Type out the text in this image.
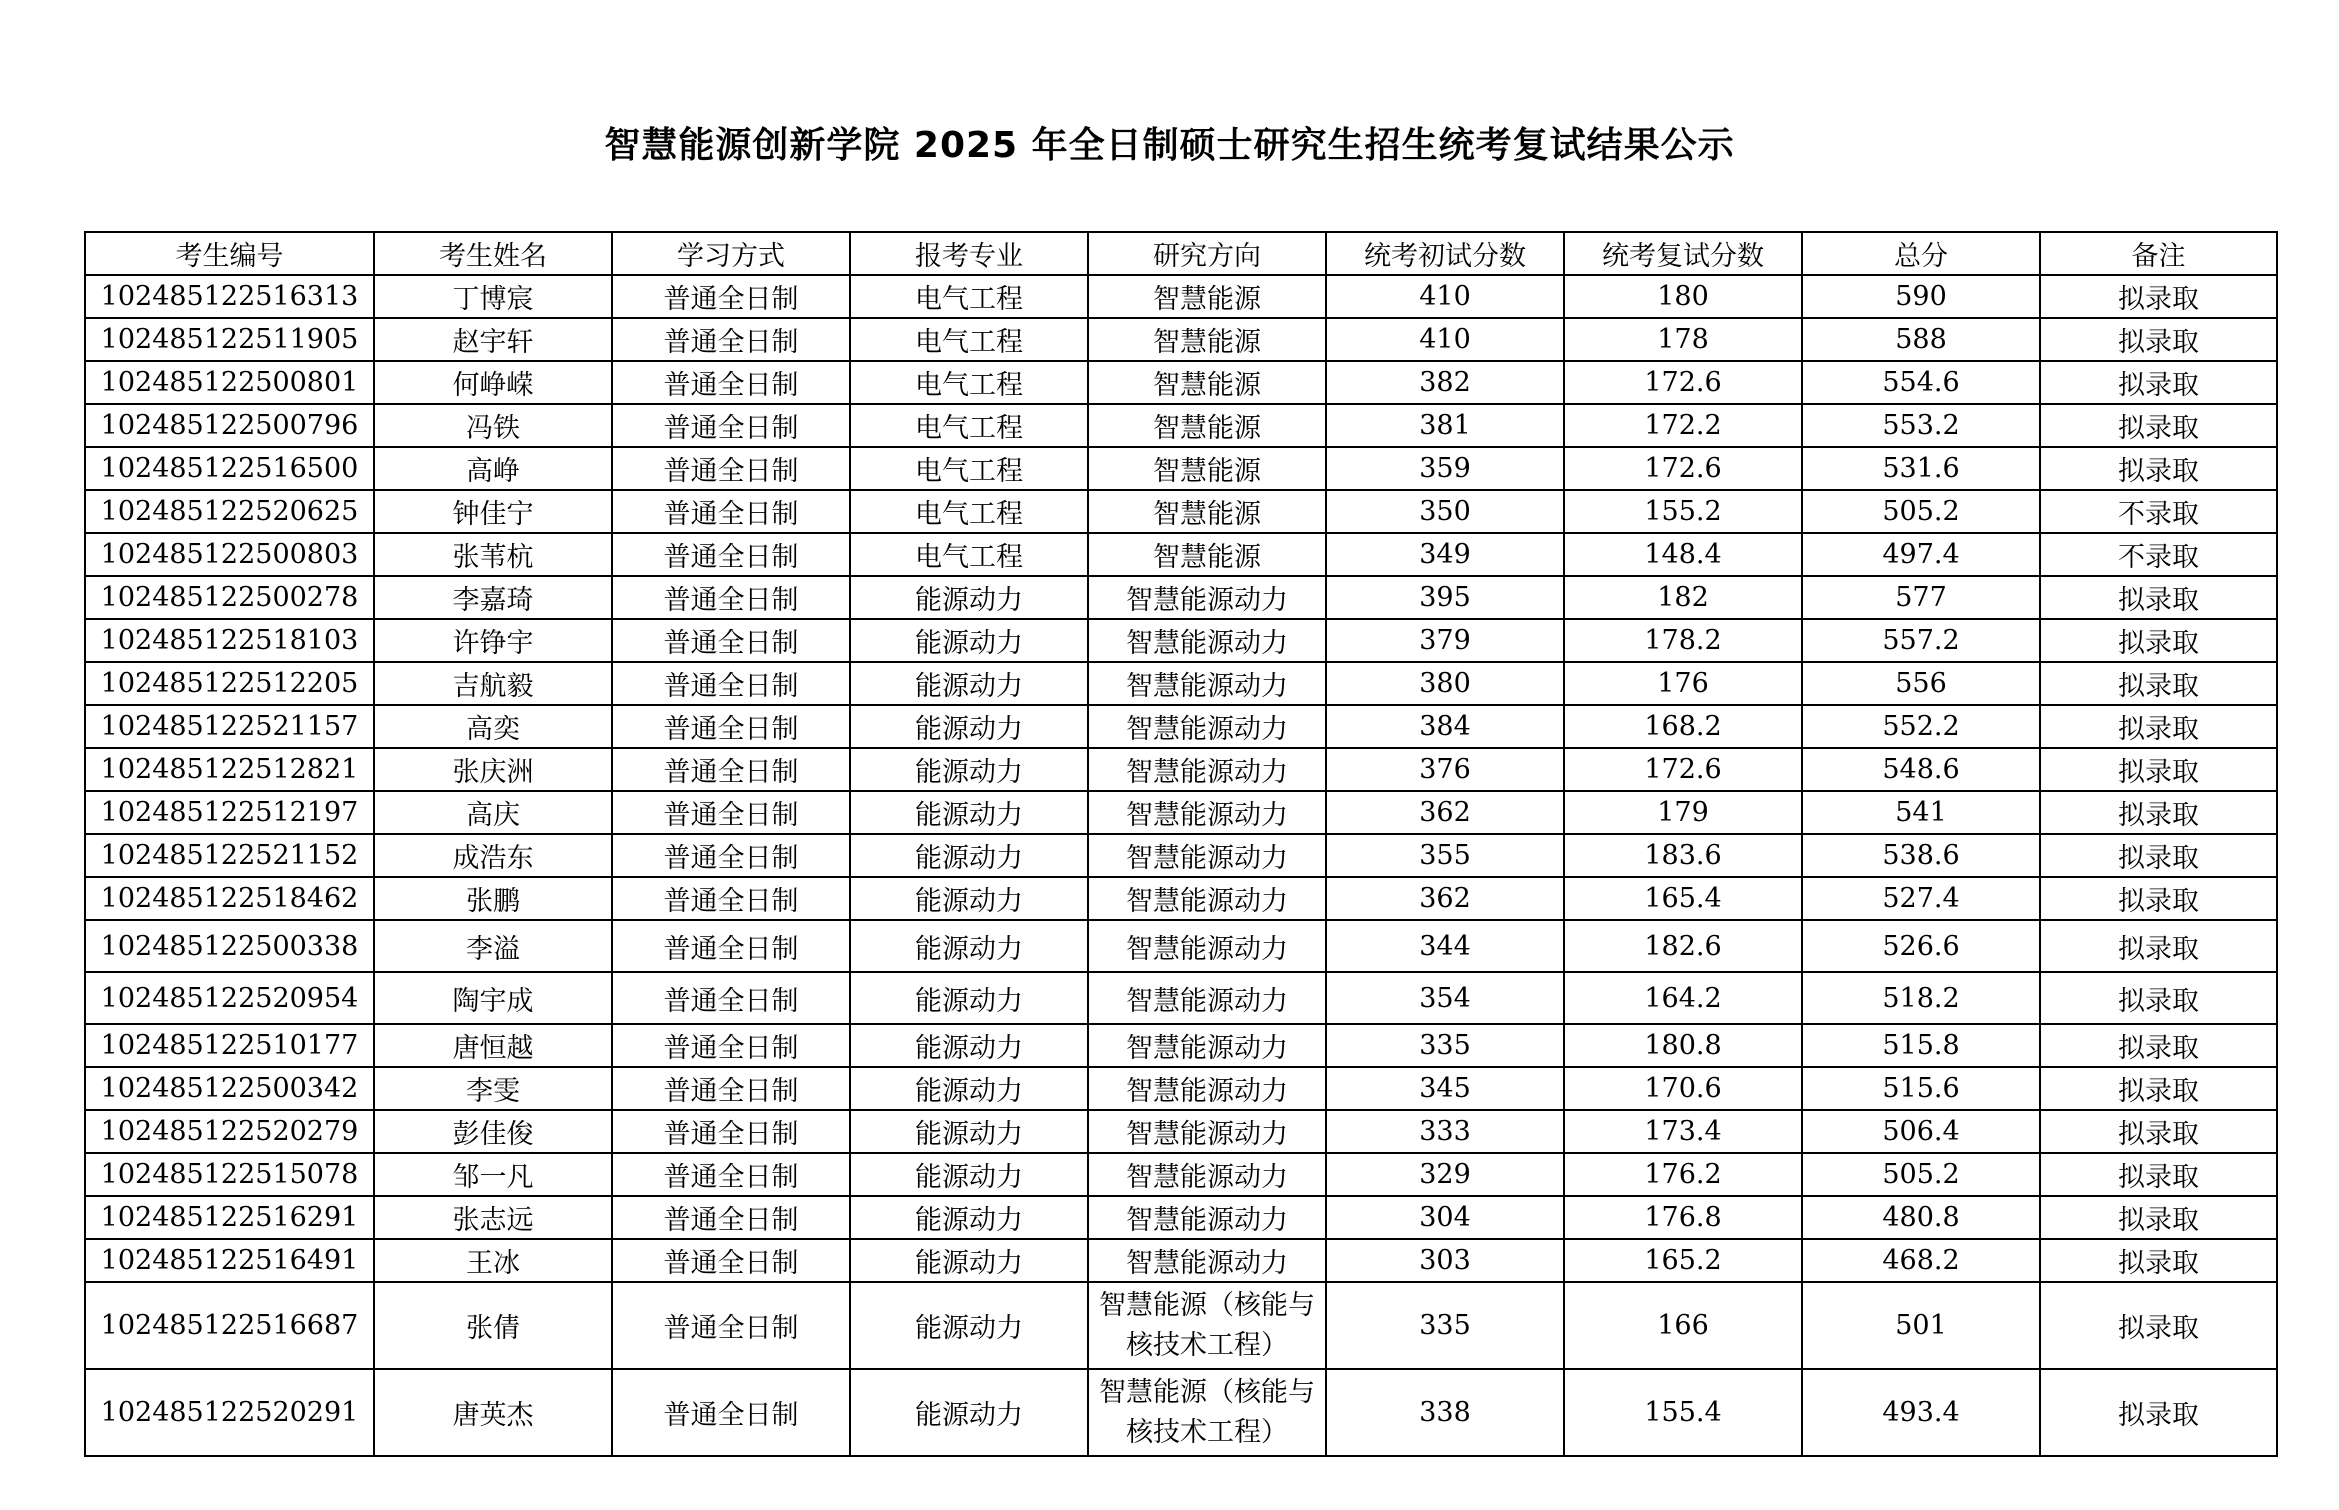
智慧能源创新学院 2025 年全日制硕士研究生招生统考复试结果公示
考生编号	考生姓名	学习方式	报考专业	研究方向	统考初试分数	统考复试分数	总分	备注
102485122516313	丁博宸	普通全日制	电气工程	智慧能源	410	180	590	拟录取
102485122511905	赵宇轩	普通全日制	电气工程	智慧能源	410	178	588	拟录取
102485122500801	何峥嵘	普通全日制	电气工程	智慧能源	382	172.6	554.6	拟录取
102485122500796	冯铁	普通全日制	电气工程	智慧能源	381	172.2	553.2	拟录取
102485122516500	高峥	普通全日制	电气工程	智慧能源	359	172.6	531.6	拟录取
102485122520625	钟佳宁	普通全日制	电气工程	智慧能源	350	155.2	505.2	不录取
102485122500803	张苇杭	普通全日制	电气工程	智慧能源	349	148.4	497.4	不录取
102485122500278	李嘉琦	普通全日制	能源动力	智慧能源动力	395	182	577	拟录取
102485122518103	许铮宇	普通全日制	能源动力	智慧能源动力	379	178.2	557.2	拟录取
102485122512205	吉航毅	普通全日制	能源动力	智慧能源动力	380	176	556	拟录取
102485122521157	高奕	普通全日制	能源动力	智慧能源动力	384	168.2	552.2	拟录取
102485122512821	张庆洲	普通全日制	能源动力	智慧能源动力	376	172.6	548.6	拟录取
102485122512197	高庆	普通全日制	能源动力	智慧能源动力	362	179	541	拟录取
102485122521152	成浩东	普通全日制	能源动力	智慧能源动力	355	183.6	538.6	拟录取
102485122518462	张鹏	普通全日制	能源动力	智慧能源动力	362	165.4	527.4	拟录取
102485122500338	李溢	普通全日制	能源动力	智慧能源动力	344	182.6	526.6	拟录取
102485122520954	陶宇成	普通全日制	能源动力	智慧能源动力	354	164.2	518.2	拟录取
102485122510177	唐恒越	普通全日制	能源动力	智慧能源动力	335	180.8	515.8	拟录取
102485122500342	李雯	普通全日制	能源动力	智慧能源动力	345	170.6	515.6	拟录取
102485122520279	彭佳俊	普通全日制	能源动力	智慧能源动力	333	173.4	506.4	拟录取
102485122515078	邹一凡	普通全日制	能源动力	智慧能源动力	329	176.2	505.2	拟录取
102485122516291	张志远	普通全日制	能源动力	智慧能源动力	304	176.8	480.8	拟录取
102485122516491	王冰	普通全日制	能源动力	智慧能源动力	303	165.2	468.2	拟录取
102485122516687	张倩	普通全日制	能源动力	智慧能源（核能与核技术工程）	335	166	501	拟录取
102485122520291	唐英杰	普通全日制	能源动力	智慧能源（核能与核技术工程）	338	155.4	493.4	拟录取
